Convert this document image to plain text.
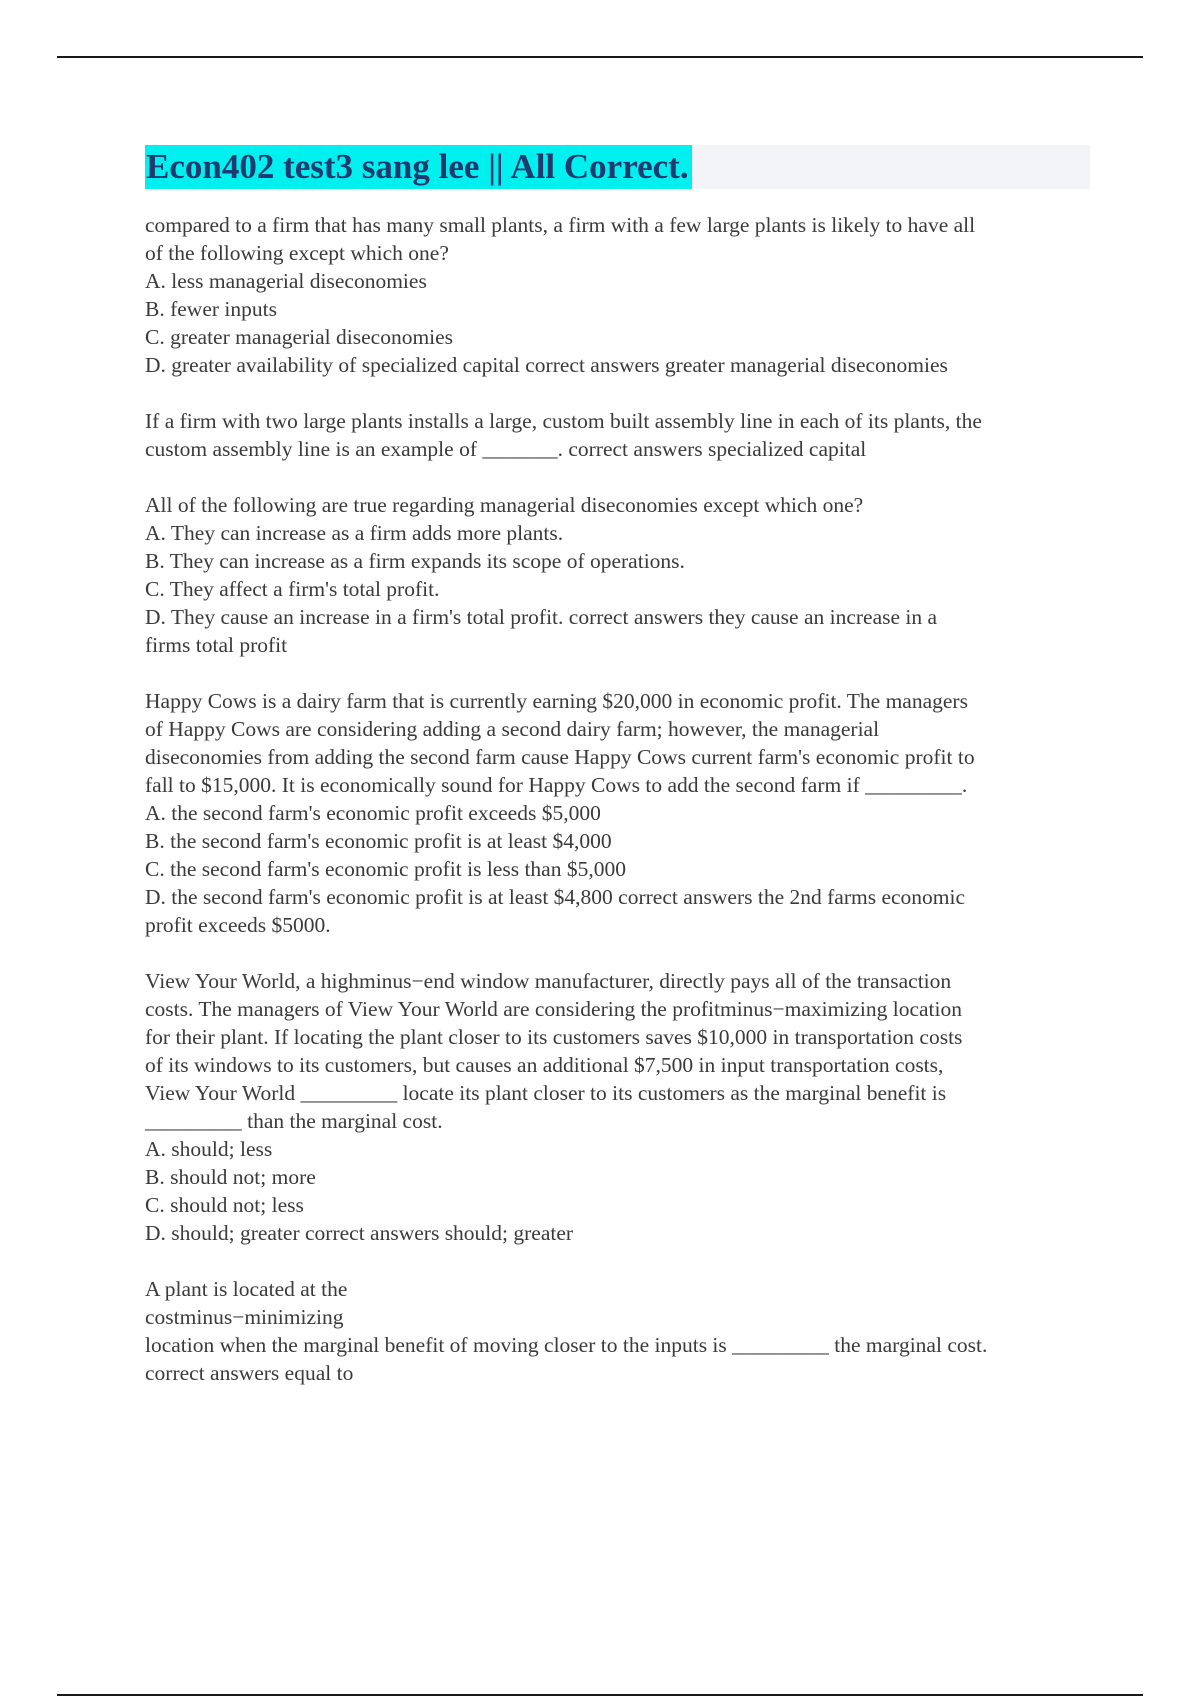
Econ402 test3 sang lee || All Correct.
compared to a firm that has many small plants, a firm with a few large plants is likely to have all
of the following except which one?
A. less managerial diseconomies
B. fewer inputs
C. greater managerial diseconomies
D. greater availability of specialized capital correct answers greater managerial diseconomies
If a firm with two large plants installs a large, custom built assembly line in each of its plants, the
custom assembly line is an example of _______. correct answers specialized capital
All of the following are true regarding managerial diseconomies except which one?
A. They can increase as a firm adds more plants.
B. They can increase as a firm expands its scope of operations.
C. They affect a firm's total profit.
D. They cause an increase in a firm's total profit. correct answers they cause an increase in a
firms total profit
Happy Cows is a dairy farm that is currently earning $20,000 in economic profit. The managers
of Happy Cows are considering adding a second dairy farm; however, the managerial
diseconomies from adding the second farm cause Happy Cows current farm's economic profit to
fall to $15,000. It is economically sound for Happy Cows to add the second farm if _________.
A. the second farm's economic profit exceeds $5,000
B. the second farm's economic profit is at least $4,000
C. the second farm's economic profit is less than $5,000
D. the second farm's economic profit is at least $4,800 correct answers the 2nd farms economic
profit exceeds $5000.
View Your World, a highminus−end window manufacturer, directly pays all of the transaction
costs. The managers of View Your World are considering the profitminus−maximizing location
for their plant. If locating the plant closer to its customers saves $10,000 in transportation costs
of its windows to its customers, but causes an additional $7,500 in input transportation costs,
View Your World _________ locate its plant closer to its customers as the marginal benefit is
_________ than the marginal cost.
A. should; less
B. should not; more
C. should not; less
D. should; greater correct answers should; greater
A plant is located at the
costminus−minimizing
location when the marginal benefit of moving closer to the inputs is _________ the marginal cost.
correct answers equal to
